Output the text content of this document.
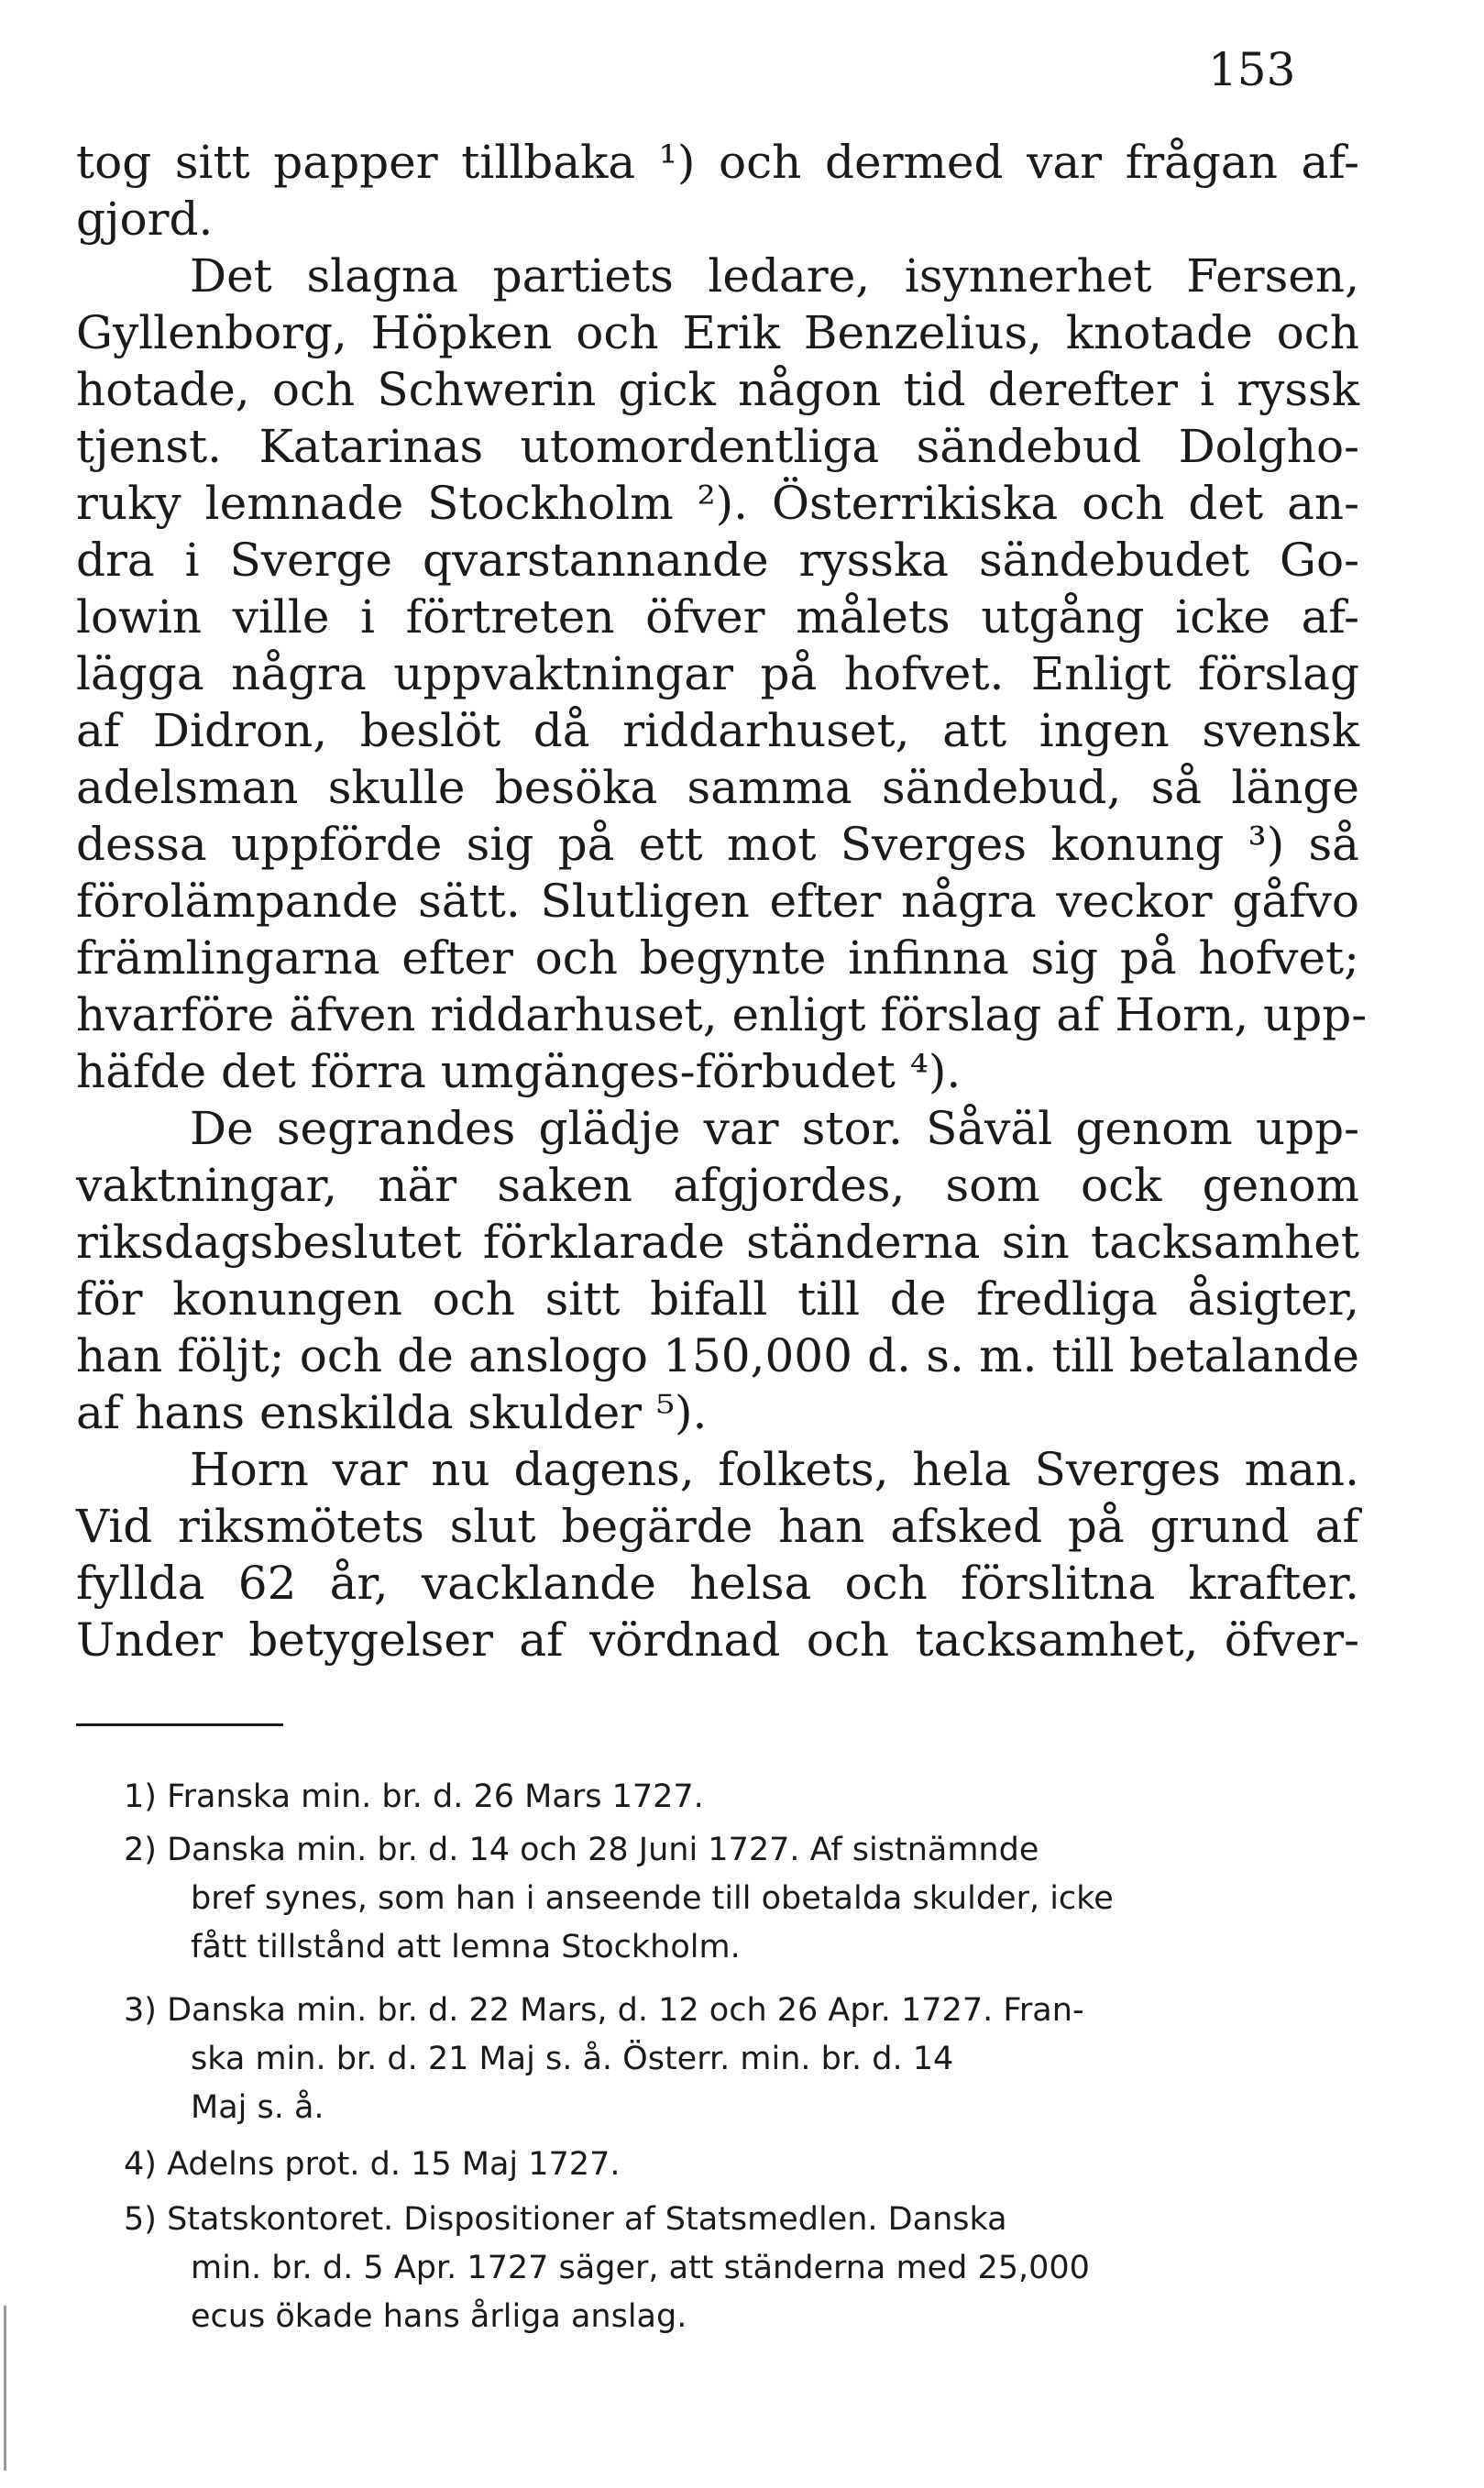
153
tog sitt papper tillbaka ¹) och dermed var frågan af-
gjord.
Det slagna partiets ledare, isynnerhet Fersen,
Gyllenborg, Höpken och Erik Benzelius, knotade och
hotade, och Schwerin gick någon tid derefter i ryssk
tjenst. Katarinas utomordentliga sändebud Dolgho-
ruky lemnade Stockholm ²). Österrikiska och det an-
dra i Sverge qvarstannande rysska sändebudet Go-
lowin ville i förtreten öfver målets utgång icke af-
lägga några uppvaktningar på hofvet. Enligt förslag
af Didron, beslöt då riddarhuset, att ingen svensk
adelsman skulle besöka samma sändebud, så länge
dessa uppförde sig på ett mot Sverges konung ³) så
förolämpande sätt. Slutligen efter några veckor gåfvo
främlingarna efter och begynte infinna sig på hofvet;
hvarföre äfven riddarhuset, enligt förslag af Horn, upp-
häfde det förra umgänges-förbudet ⁴).
De segrandes glädje var stor. Såväl genom upp-
vaktningar, när saken afgjordes, som ock genom
riksdagsbeslutet förklarade ständerna sin tacksamhet
för konungen och sitt bifall till de fredliga åsigter,
han följt; och de anslogo 150,000 d. s. m. till betalande
af hans enskilda skulder ⁵).
Horn var nu dagens, folkets, hela Sverges man.
Vid riksmötets slut begärde han afsked på grund af
fyllda 62 år, vacklande helsa och förslitna krafter.
Under betygelser af vördnad och tacksamhet, öfver-
1) Franska min. br. d. 26 Mars 1727.
2) Danska min. br. d. 14 och 28 Juni 1727. Af sistnämnde
bref synes, som han i anseende till obetalda skulder, icke
fått tillstånd att lemna Stockholm.
3) Danska min. br. d. 22 Mars, d. 12 och 26 Apr. 1727. Fran-
ska min. br. d. 21 Maj s. å. Österr. min. br. d. 14
Maj s. å.
4) Adelns prot. d. 15 Maj 1727.
5) Statskontoret. Dispositioner af Statsmedlen. Danska
min. br. d. 5 Apr. 1727 säger, att ständerna med 25,000
ecus ökade hans årliga anslag.
